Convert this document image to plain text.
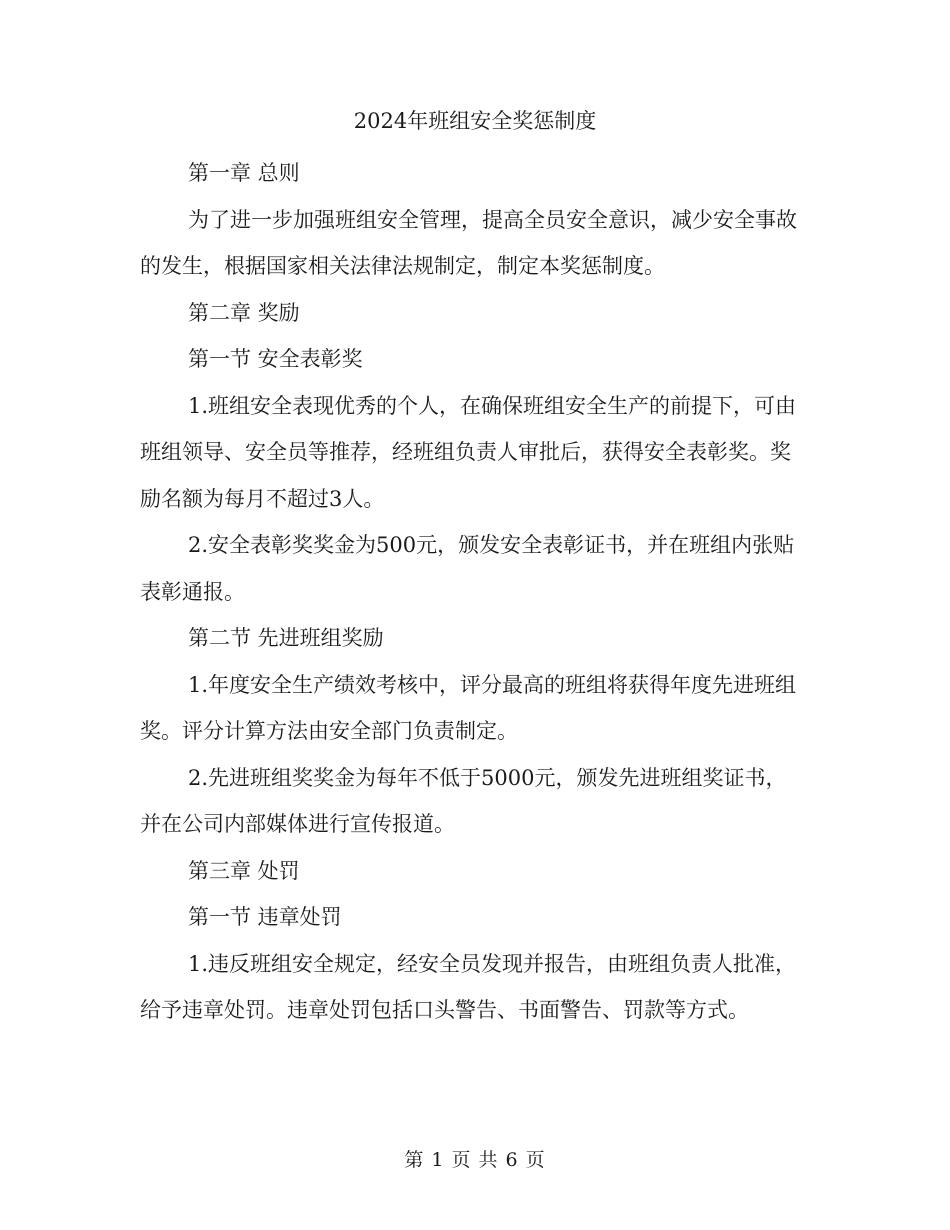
2024年班组安全奖惩制度

第一章 总则

为了进一步加强班组安全管理，提高全员安全意识，减少安全事故的发生，根据国家相关法律法规制定，制定本奖惩制度。

第二章 奖励

第一节 安全表彰奖

1.班组安全表现优秀的个人，在确保班组安全生产的前提下，可由班组领导、安全员等推荐，经班组负责人审批后，获得安全表彰奖。奖励名额为每月不超过3人。

2.安全表彰奖奖金为500元，颁发安全表彰证书，并在班组内张贴表彰通报。

第二节 先进班组奖励

1.年度安全生产绩效考核中，评分最高的班组将获得年度先进班组奖。评分计算方法由安全部门负责制定。

2.先进班组奖奖金为每年不低于5000元，颁发先进班组奖证书，并在公司内部媒体进行宣传报道。

第三章 处罚

第一节 违章处罚

1.违反班组安全规定，经安全员发现并报告，由班组负责人批准，给予违章处罚。违章处罚包括口头警告、书面警告、罚款等方式。

第 1 页 共 6 页
